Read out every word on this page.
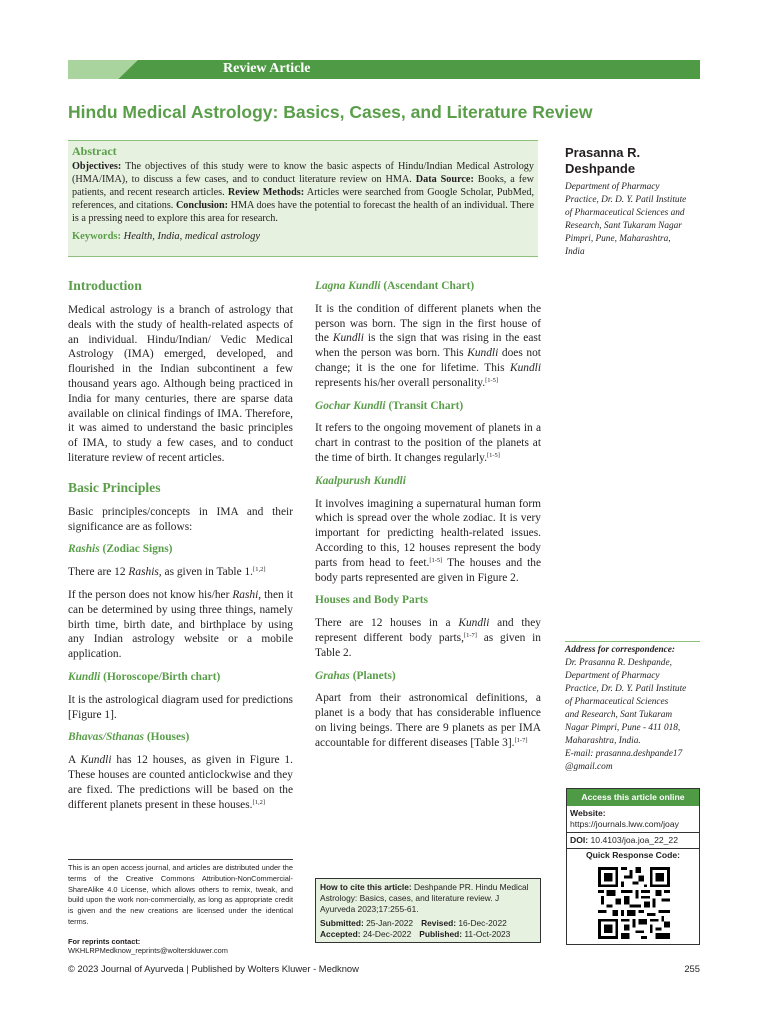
Review Article
Hindu Medical Astrology: Basics, Cases, and Literature Review
Abstract
Objectives: The objectives of this study were to know the basic aspects of Hindu/Indian Medical Astrology (HMA/IMA), to discuss a few cases, and to conduct literature review on HMA. Data Source: Books, a few patients, and recent research articles. Review Methods: Articles were searched from Google Scholar, PubMed, references, and citations. Conclusion: HMA does have the potential to forecast the health of an individual. There is a pressing need to explore this area for research.
Keywords: Health, India, medical astrology
Prasanna R.
Deshpande
Department of Pharmacy
Practice, Dr. D. Y. Patil Institute
of Pharmaceutical Sciences and
Research, Sant Tukaram Nagar
Pimpri, Pune, Maharashtra,
India
Address for correspondence:
Dr. Prasanna R. Deshpande,
Department of Pharmacy
Practice, Dr. D. Y. Patil Institute
of Pharmaceutical Sciences
and Research, Sant Tukaram
Nagar Pimpri, Pune - 411 018,
Maharashtra, India.
E-mail: prasanna.deshpande17
@gmail.com
Access this article online
Website: https://journals.lww.com/joay
DOI: 10.4103/joa.joa_22_22
Quick Response Code:
Introduction
Medical astrology is a branch of astrology that deals with the study of health-related aspects of an individual. Hindu/Indian/ Vedic Medical Astrology (IMA) emerged, developed, and flourished in the Indian subcontinent a few thousand years ago. Although being practiced in India for many centuries, there are sparse data available on clinical findings of IMA. Therefore, it was aimed to understand the basic principles of IMA, to study a few cases, and to conduct literature review of recent articles.
Basic Principles
Basic principles/concepts in IMA and their significance are as follows:
Rashis (Zodiac Signs)
There are 12 Rashis, as given in Table 1.[1,2]
If the person does not know his/her Rashi, then it can be determined by using three things, namely birth time, birth date, and birthplace by using any Indian astrology website or a mobile application.
Kundli (Horoscope/Birth chart)
It is the astrological diagram used for predictions [Figure 1].
Bhavas/Sthanas (Houses)
A Kundli has 12 houses, as given in Figure 1. These houses are counted anticlockwise and they are fixed. The predictions will be based on the different planets present in these houses.[1,2]
Lagna Kundli (Ascendant Chart)
It is the condition of different planets when the person was born. The sign in the first house of the Kundli is the sign that was rising in the east when the person was born. This Kundli does not change; it is the one for lifetime. This Kundli represents his/her overall personality.[1-5]
Gochar Kundli (Transit Chart)
It refers to the ongoing movement of planets in a chart in contrast to the position of the planets at the time of birth. It changes regularly.[1-5]
Kaalpurush Kundli
It involves imagining a supernatural human form which is spread over the whole zodiac. It is very important for predicting health-related issues. According to this, 12 houses represent the body parts from head to feet.[1-5] The houses and the body parts represented are given in Figure 2.
Houses and Body Parts
There are 12 houses in a Kundli and they represent different body parts,[1-7] as given in Table 2.
Grahas (Planets)
Apart from their astronomical definitions, a planet is a body that has considerable influence on living beings. There are 9 planets as per IMA accountable for different diseases [Table 3].[1-7]
This is an open access journal, and articles are distributed under the terms of the Creative Commons Attribution-NonCommercial-ShareAlike 4.0 License, which allows others to remix, tweak, and build upon the work non-commercially, as long as appropriate credit is given and the new creations are licensed under the identical terms.
For reprints contact: WKHLRPMedknow_reprints@wolterskluwer.com
How to cite this article: Deshpande PR. Hindu Medical Astrology: Basics, cases, and literature review. J Ayurveda 2023;17:255-61.
Submitted: 25-Jan-2022 Revised: 16-Dec-2022
Accepted: 24-Dec-2022 Published: 11-Oct-2023
© 2023 Journal of Ayurveda | Published by Wolters Kluwer - Medknow	255
